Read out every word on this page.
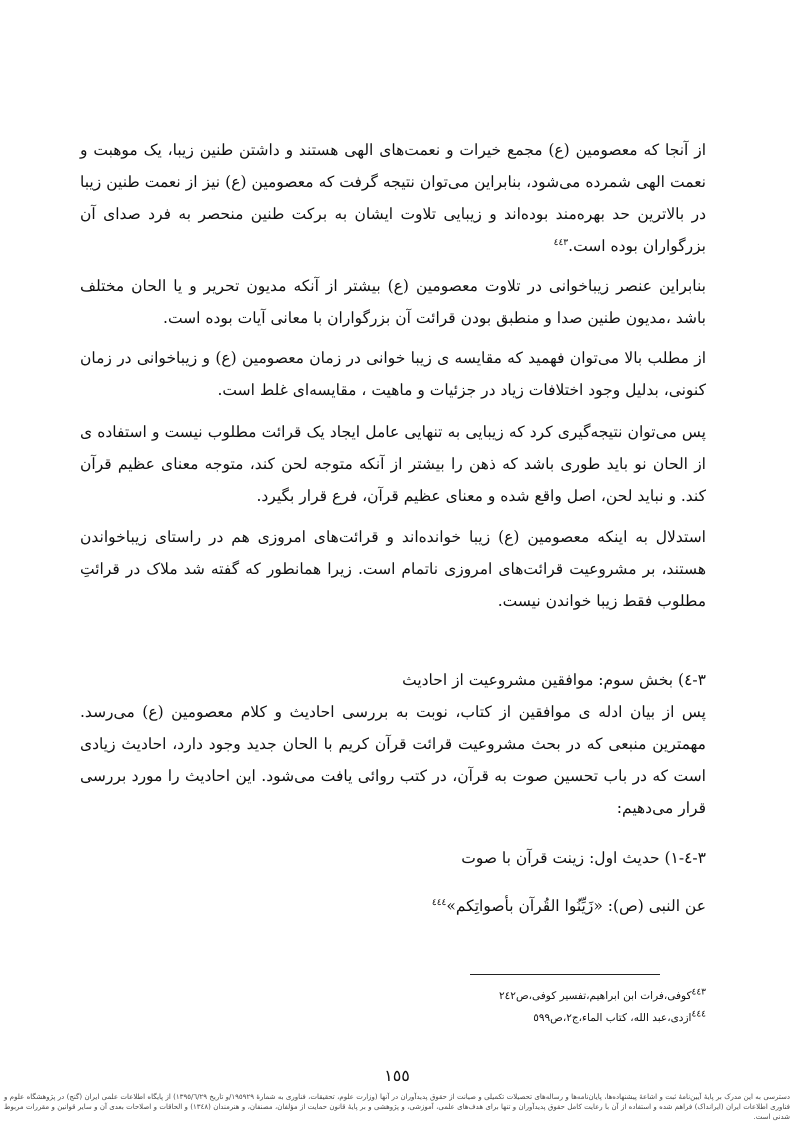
از آنجا که معصومین (ع) مجمع خیرات و نعمت‌های الهی هستند و داشتن طنین زیبا، یک موهبت و نعمت الهی شمرده می‌شود، بنابراین می‌توان نتیجه گرفت که معصومین (ع) نیز از نعمت طنین زیبا در بالاترین حد بهره‌مند بوده‌اند و زیبایی تلاوت ایشان به برکت طنین منحصر به فرد صدای آن بزرگواران بوده است.$^{٤٤٣}$

بنابراین عنصر زیباخوانی در تلاوت معصومین (ع) بیشتر از آنکه مدیون تحریر و یا الحان مختلف باشد ،مدیون طنین صدا و منطبق بودن قرائت آن بزرگواران با معانی آیات بوده است.

از مطلب بالا می‌توان فهمید که مقایسه ی زیبا خوانی در زمان معصومین (ع) و زیباخوانی در زمان کنونی، بدلیل وجود اختلافات زیاد در جزئیات و ماهیت ، مقایسه‌ای غلط است.

پس می‌توان نتیجه‌گیری کرد که زیبایی به تنهایی عامل ایجاد یک قرائت مطلوب نیست و استفاده ی از الحان نو باید طوری باشد که ذهن را بیشتر از آنکه متوجه لحن کند، متوجه معنای عظیم قرآن کند. و نباید لحن، اصل واقع شده و معنای عظیم قرآن، فرع قرار بگیرد.

استدلال به اینکه معصومین (ع) زیبا خوانده‌اند و قرائت‌های امروزی هم در راستای زیباخواندن هستند، بر مشروعیت قرائت‌های امروزی ناتمام است. زیرا همانطور که گفته شد ملاک در قرائتِ مطلوب فقط زیبا خواندن نیست.

٣-٤) بخش سوم: موافقین مشروعیت از احادیث

پس از بیان ادله ی موافقین از کتاب، نوبت به بررسی احادیث و کلام معصومین (ع) می‌رسد. مهمترین منبعی که در بحث مشروعیت قرائت قرآن کریم با الحان جدید وجود دارد، احادیث زیادی است که در باب تحسین صوت به قرآن، در کتب روائی یافت می‌شود. این احادیث را مورد بررسی قرار می‌دهیم:

٣-٤-١) حدیث اول: زینت قرآن با صوت
عن النبی (ص): «زَیِّنُوا القُرآن بأصواتِکم»$^{٤٤٤}$
٤٤٣کوفی،فرات ابن ابراهیم،تفسیر کوفی،ص٢٤٢
٤٤٤ازدی،عبد الله، کتاب الماء،ج٢،ص٥٩٩
١٥٥
دسترسی به این مدرک بر پایهٔ آیین‌نامهٔ ثبت و اشاعهٔ پیشنهاده‌ها، پایان‌نامه‌ها و رساله‌های تحصیلات تکمیلی و صیانت از حقوق پدیدآوران در آنها (وزارت علوم، تحقیقات، فناوری به شمارهٔ ١٩٥٩٢٩/و تاریخ ١٣٩٥/٦/٢٩) از پایگاه اطلاعات علمی ایران (گنج) در پژوهشگاه علوم و فناوری اطلاعات ایران (ایرانداک) فراهم شده و استفاده از آن با رعایت کامل حقوق پدیدآوران و تنها برای هدف‌های علمی، آموزشی، و پژوهشی و بر پایهٔ قانون حمایت از مؤلفان، مصنفان، و هنرمندان (١٣٤٨) و الحاقات و اصلاحات بعدی آن و سایر قوانین و مقررات مربوط شدنی است.
